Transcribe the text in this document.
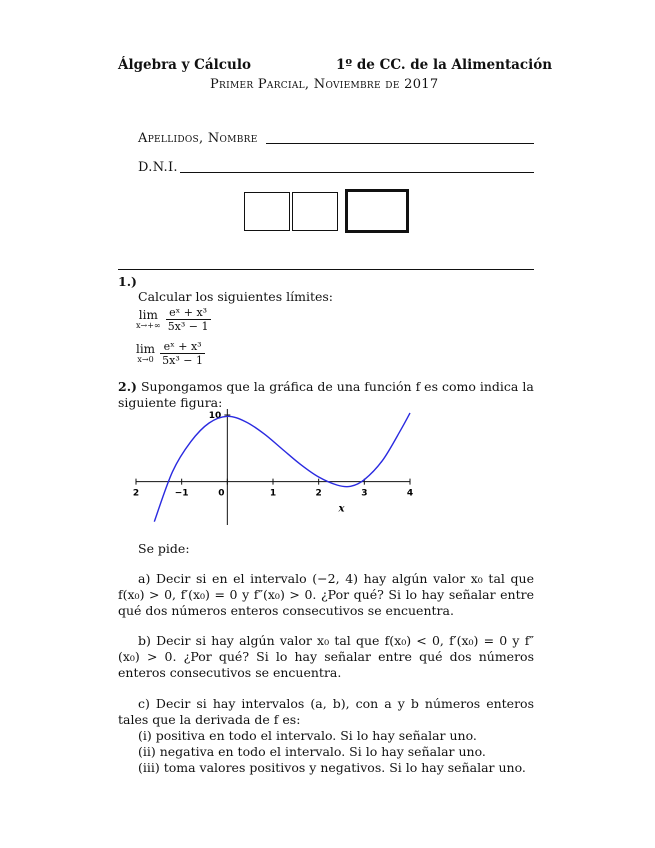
Álgebra y Cálculo	1º de CC. de la Alimentación
Primer Parcial, Noviembre de 2017
Apellidos, Nombre
D.N.I.
1.)
Calcular los siguientes límites:
lim
x→+∞
$\frac{\text{eˣ + x³}}{\text{5x³ − 1}}$
lim
x→0
$\frac{\text{eˣ + x³}}{\text{5x³ − 1}}$
2.) Supongamos que la gráfica de una función f es como indica la siguiente figura:
2	−1	0	1	2	3	4
10
x
Se pide:
a) Decir si en el intervalo (−2, 4) hay algún valor x₀ tal que f(x₀) > 0, f′(x₀) = 0 y f″(x₀) > 0. ¿Por qué? Si lo hay señalar entre qué dos números enteros consecutivos se encuentra.
b) Decir si hay algún valor x₀ tal que f(x₀) < 0, f′(x₀) = 0 y f″(x₀) > 0. ¿Por qué? Si lo hay señalar entre qué dos números enteros consecutivos se encuentra.
c) Decir si hay intervalos (a, b), con a y b números enteros tales que la derivada de f es:
(i) positiva en todo el intervalo. Si lo hay señalar uno.
(ii) negativa en todo el intervalo. Si lo hay señalar uno.
(iii) toma valores positivos y negativos. Si lo hay señalar uno.
